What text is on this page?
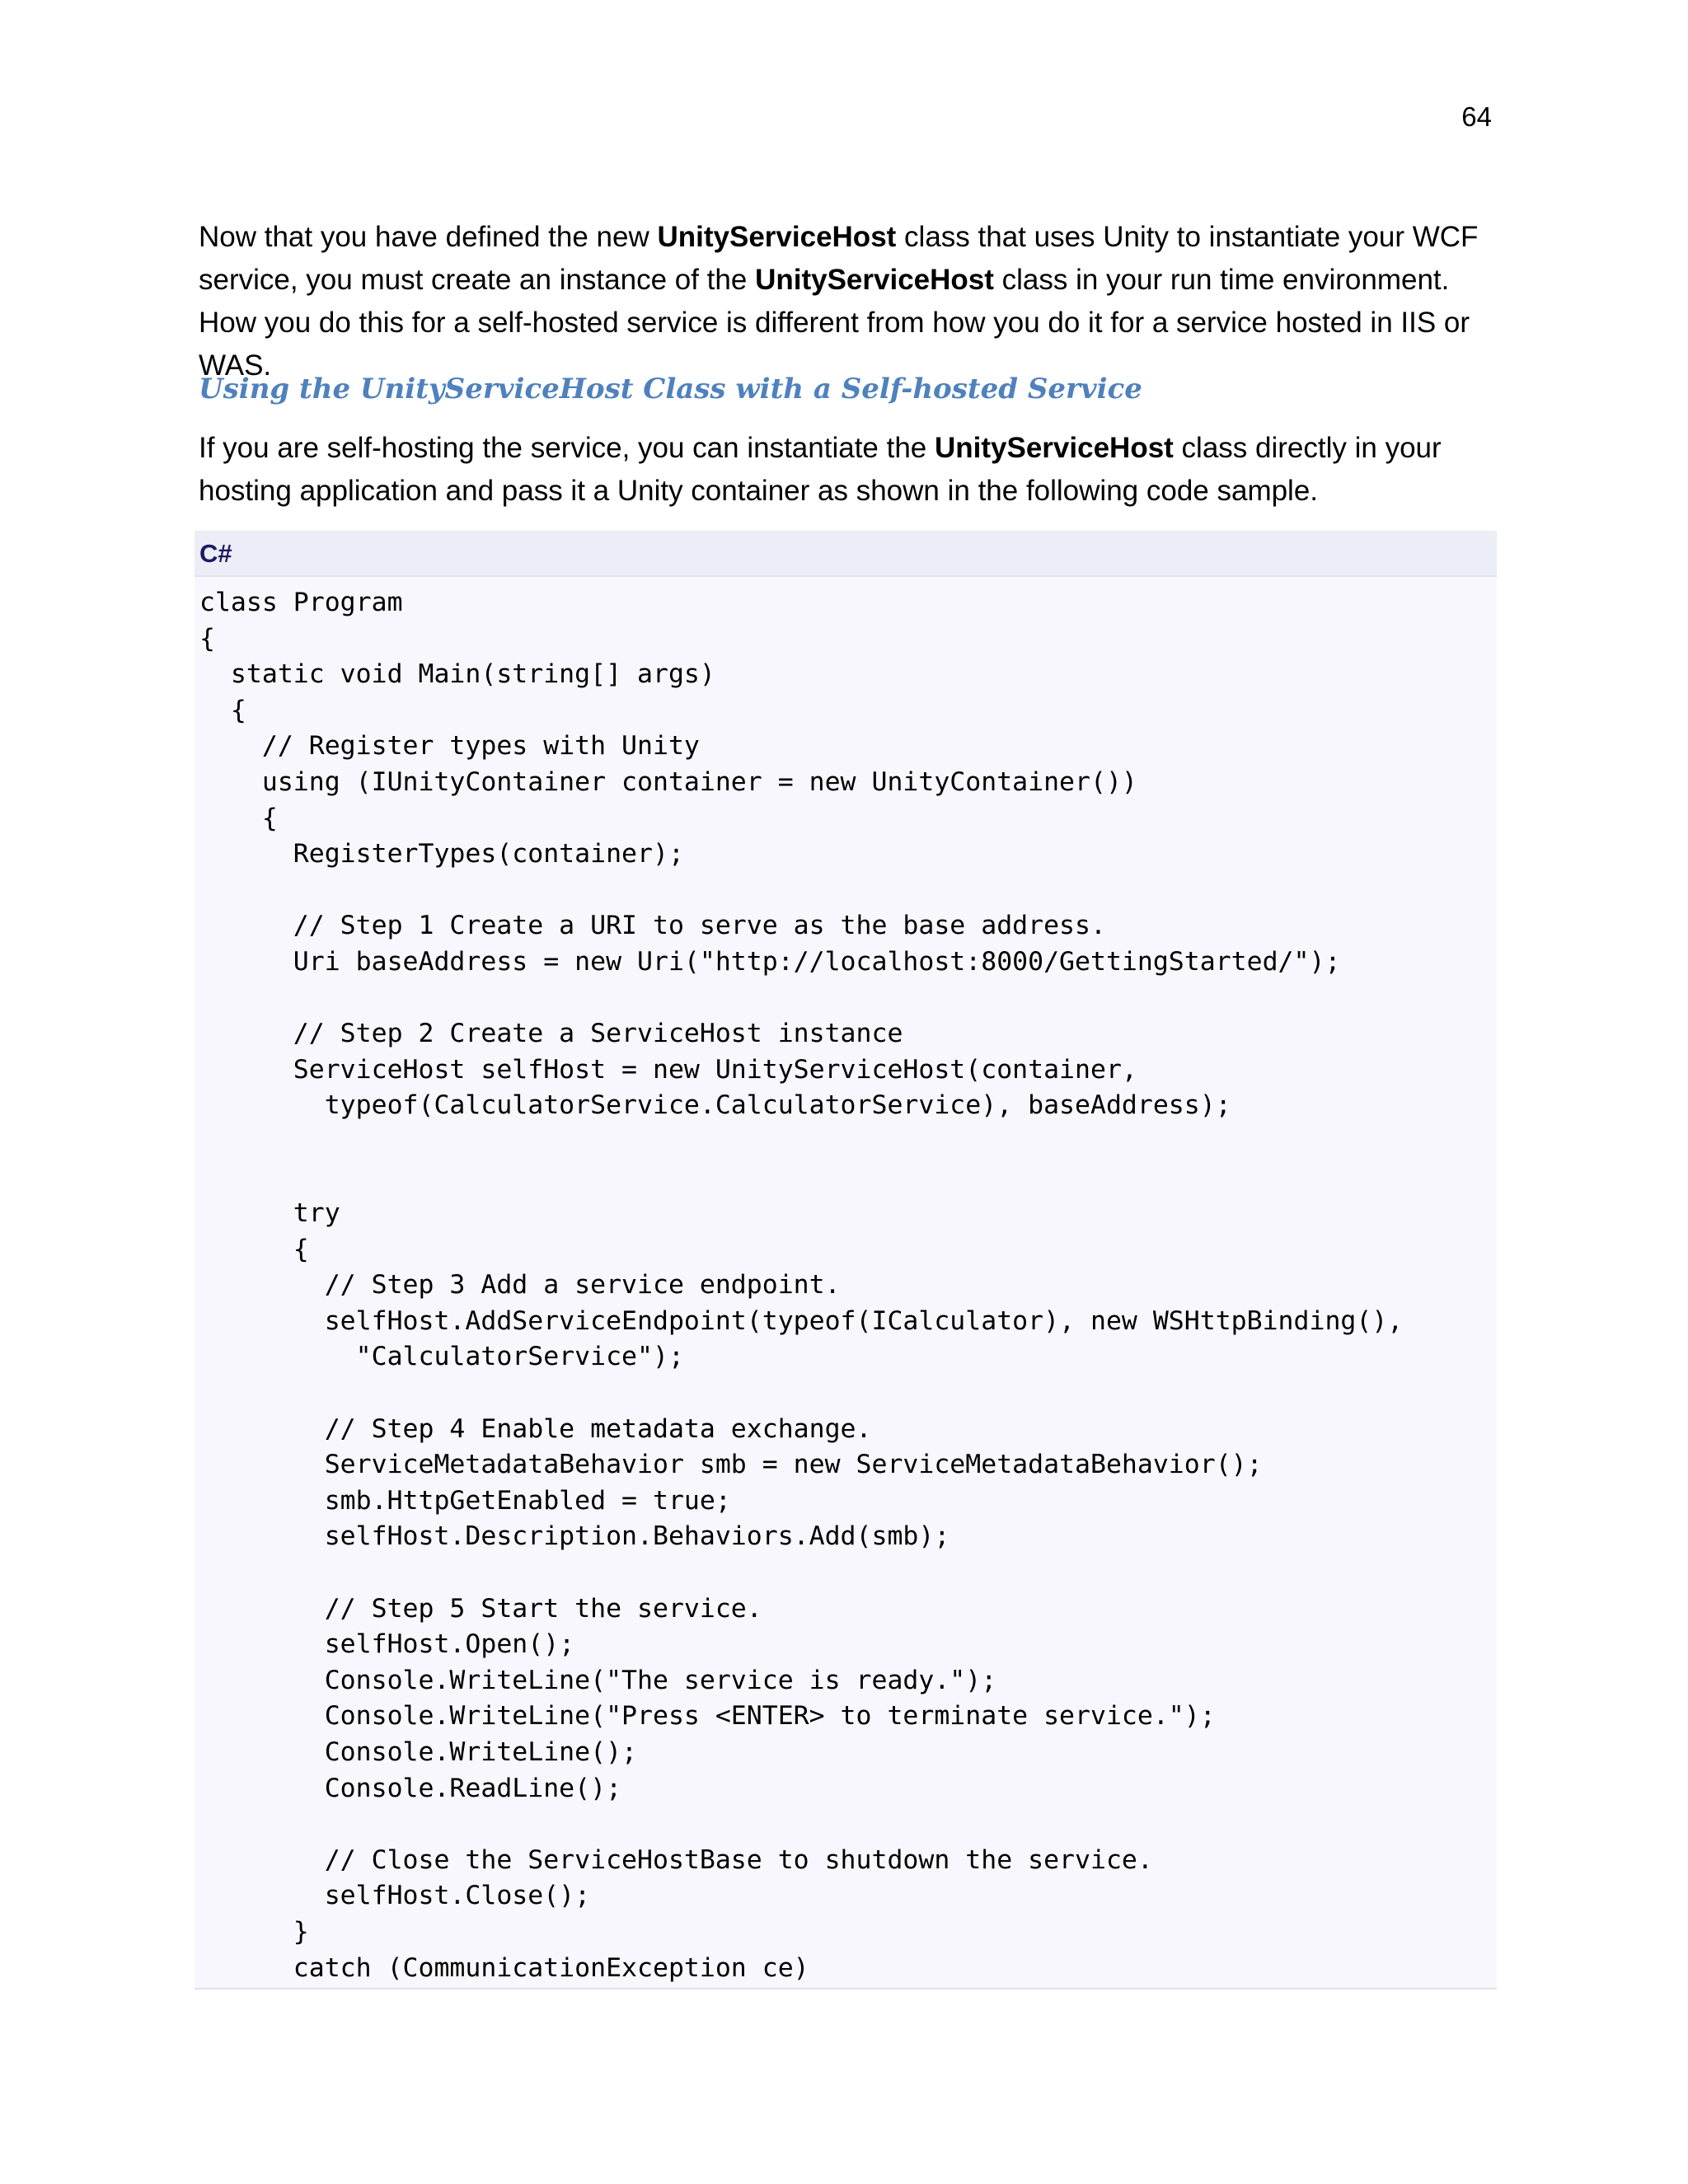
64

Now that you have defined the new UnityServiceHost class that uses Unity to instantiate your WCF service, you must create an instance of the UnityServiceHost class in your run time environment. How you do this for a self-hosted service is different from how you do it for a service hosted in IIS or WAS.

Using the UnityServiceHost Class with a Self-hosted Service

If you are self-hosting the service, you can instantiate the UnityServiceHost class directly in your hosting application and pass it a Unity container as shown in the following code sample.

C#
class Program
{
static void Main(string[] args)
{
// Register types with Unity
using (IUnityContainer container = new UnityContainer())
{
RegisterTypes(container);
// Step 1 Create a URI to serve as the base address.
Uri baseAddress = new Uri("http://localhost:8000/GettingStarted/");
// Step 2 Create a ServiceHost instance
ServiceHost selfHost = new UnityServiceHost(container,
typeof(CalculatorService.CalculatorService), baseAddress);
try
{
// Step 3 Add a service endpoint.
selfHost.AddServiceEndpoint(typeof(ICalculator), new WSHttpBinding(),
"CalculatorService");
// Step 4 Enable metadata exchange.
ServiceMetadataBehavior smb = new ServiceMetadataBehavior();
smb.HttpGetEnabled = true;
selfHost.Description.Behaviors.Add(smb);
// Step 5 Start the service.
selfHost.Open();
Console.WriteLine("The service is ready.");
Console.WriteLine("Press <ENTER> to terminate service.");
Console.WriteLine();
Console.ReadLine();
// Close the ServiceHostBase to shutdown the service.
selfHost.Close();
}
catch (CommunicationException ce)
